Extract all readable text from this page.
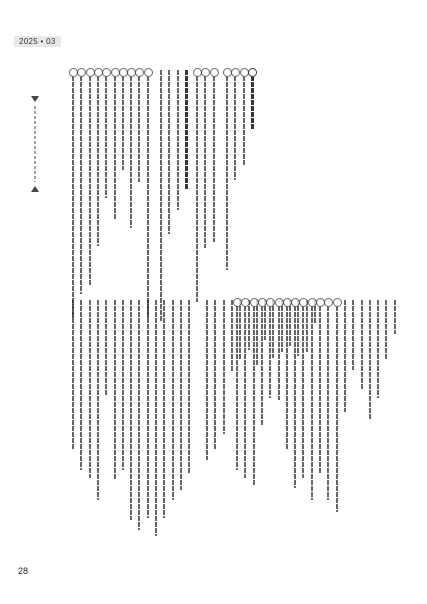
2025 • 03
28
